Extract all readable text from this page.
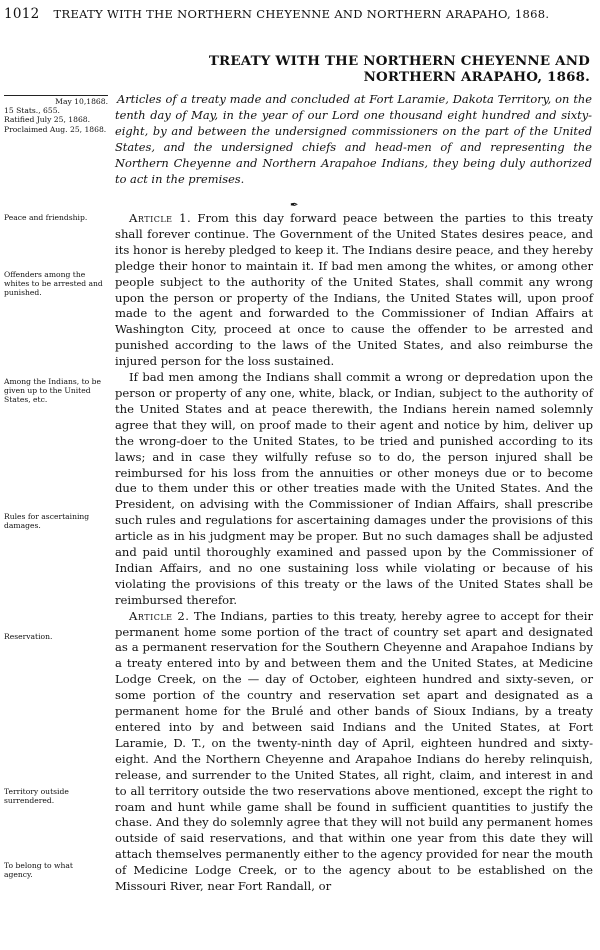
1012 TREATY WITH THE NORTHERN CHEYENNE AND NORTHERN ARAPAHO, 1868.
TREATY WITH THE NORTHERN CHEYENNE AND NORTHERN ARAPAHO, 1868.
May 10,1868.
15 Stats., 655.
Ratified July 25, 1868.
Proclaimed Aug. 25, 1868.
Peace and friendship.
Offenders among the whites to be arrested and punished.
Among the Indians, to be given up to the United States, etc.
Rules for ascertaining damages.
Reservation.
Territory outside surrendered.
To belong to what agency.
Articles of a treaty made and concluded at Fort Laramie, Dakota Territory, on the tenth day of May, in the year of our Lord one thousand eight hundred and sixty-eight, by and between the undersigned commissioners on the part of the United States, and the undersigned chiefs and head-men of and representing the Northern Cheyenne and Northern Arapahoe Indians, they being duly authorized to act in the premises.
✒

Article 1. From this day forward peace between the parties to this treaty shall forever continue. The Government of the United States desires peace, and its honor is hereby pledged to keep it. The Indians desire peace, and they hereby pledge their honor to maintain it. If bad men among the whites, or among other people subject to the authority of the United States, shall commit any wrong upon the person or property of the Indians, the United States will, upon proof made to the agent and forwarded to the Commissioner of Indian Affairs at Washington City, proceed at once to cause the offender to be arrested and punished according to the laws of the United States, and also reimburse the injured person for the loss sustained.

If bad men among the Indians shall commit a wrong or depredation upon the person or property of any one, white, black, or Indian, subject to the authority of the United States and at peace therewith, the Indians herein named solemnly agree that they will, on proof made to their agent and notice by him, deliver up the wrong-doer to the United States, to be tried and punished according to its laws; and in case they wilfully refuse so to do, the person injured shall be reimbursed for his loss from the annuities or other moneys due or to become due to them under this or other treaties made with the United States. And the President, on advising with the Commissioner of Indian Affairs, shall prescribe such rules and regulations for ascertaining damages under the provisions of this article as in his judgment may be proper. But no such damages shall be adjusted and paid until thoroughly examined and passed upon by the Commissioner of Indian Affairs, and no one sustaining loss while violating or because of his violating the provisions of this treaty or the laws of the United States shall be reimbursed therefor.

Article 2. The Indians, parties to this treaty, hereby agree to accept for their permanent home some portion of the tract of country set apart and designated as a permanent reservation for the Southern Cheyenne and Arapahoe Indians by a treaty entered into by and between them and the United States, at Medicine Lodge Creek, on the — day of October, eighteen hundred and sixty-seven, or some portion of the country and reservation set apart and designated as a permanent home for the Brulé and other bands of Sioux Indians, by a treaty entered into by and between said Indians and the United States, at Fort Laramie, D. T., on the twenty-ninth day of April, eighteen hundred and sixty-eight. And the Northern Cheyenne and Arapahoe Indians do hereby relinquish, release, and surrender to the United States, all right, claim, and interest in and to all territory outside the two reservations above mentioned, except the right to roam and hunt while game shall be found in sufficient quantities to justify the chase. And they do solemnly agree that they will not build any permanent homes outside of said reservations, and that within one year from this date they will attach themselves permanently either to the agency provided for near the mouth of Medicine Lodge Creek, or to the agency about to be established on the Missouri River, near Fort Randall, or
